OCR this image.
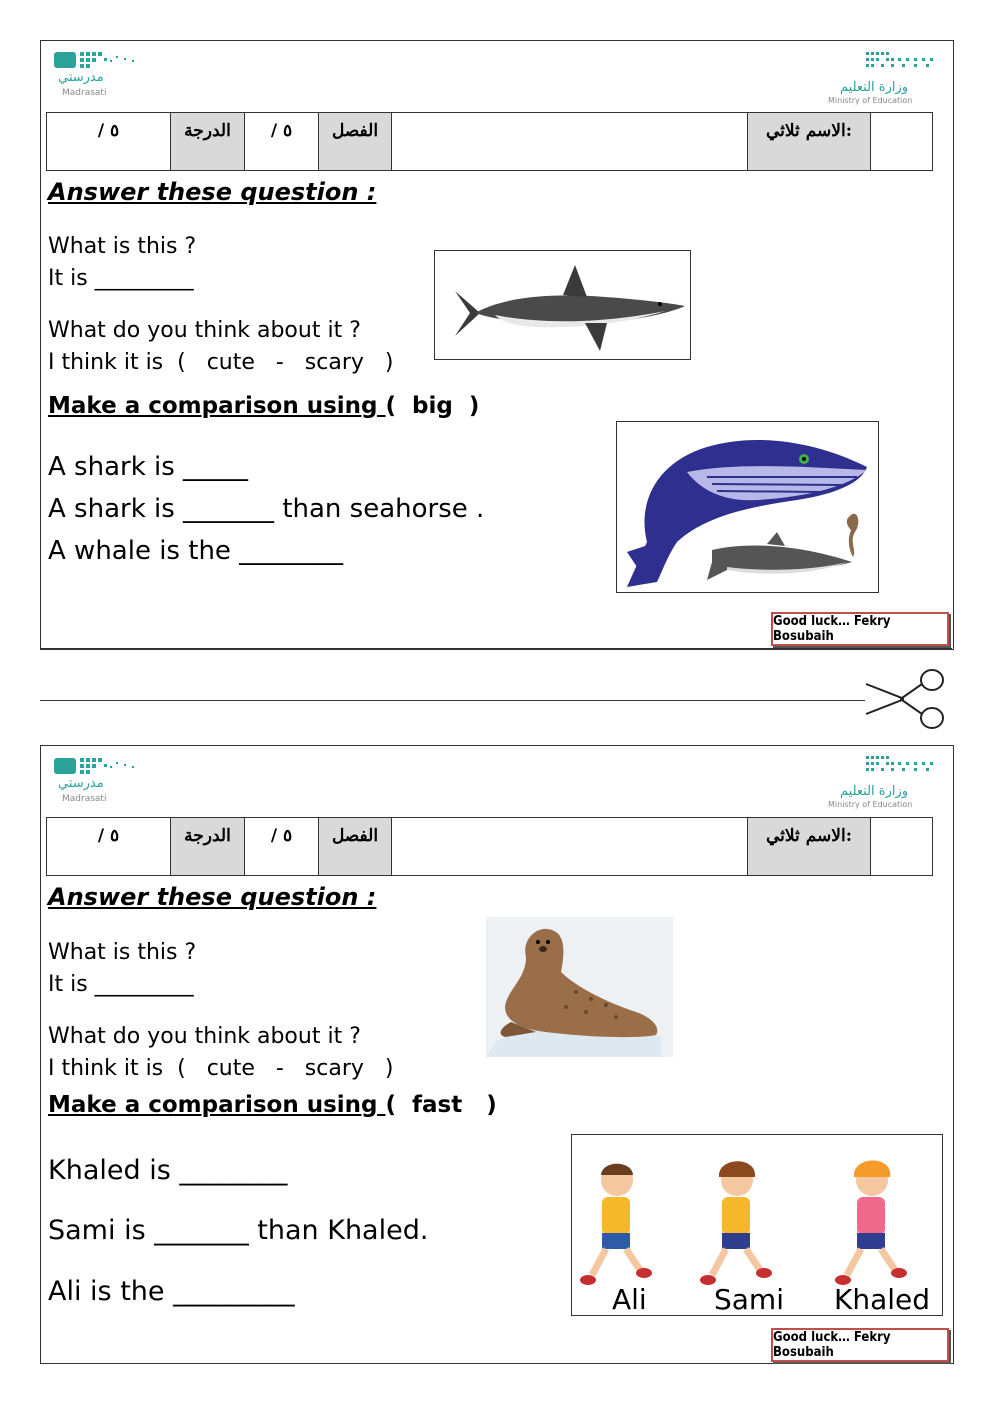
مدرستي
Madrasati	وزارة التعليم
Ministry of Education
/ ٥	الدرجة / ٥ الفصل	الاسم ثلاثي:
Answer these question :
What is this ?
It is _________
What do you think about it ?
I think it is  (   cute   -   scary   )
Make a comparison using (  big  )
A shark is _____
A shark is _______ than seahorse .
A whale is the ________
Good luck… Fekry Bosubaih
مدرستي
Madrasati	وزارة التعليم
Ministry of Education
/ ٥	الدرجة / ٥ الفصل	الاسم ثلاثي:
Answer these question :
What is this ?
It is _________
What do you think about it ?
I think it is  (   cute   -   scary   )
Make a comparison using (  fast   )
Khaled is ________
Sami is _______ than Khaled.
Ali is the _________	Ali Sami Khaled
Good luck… Fekry Bosubaih
